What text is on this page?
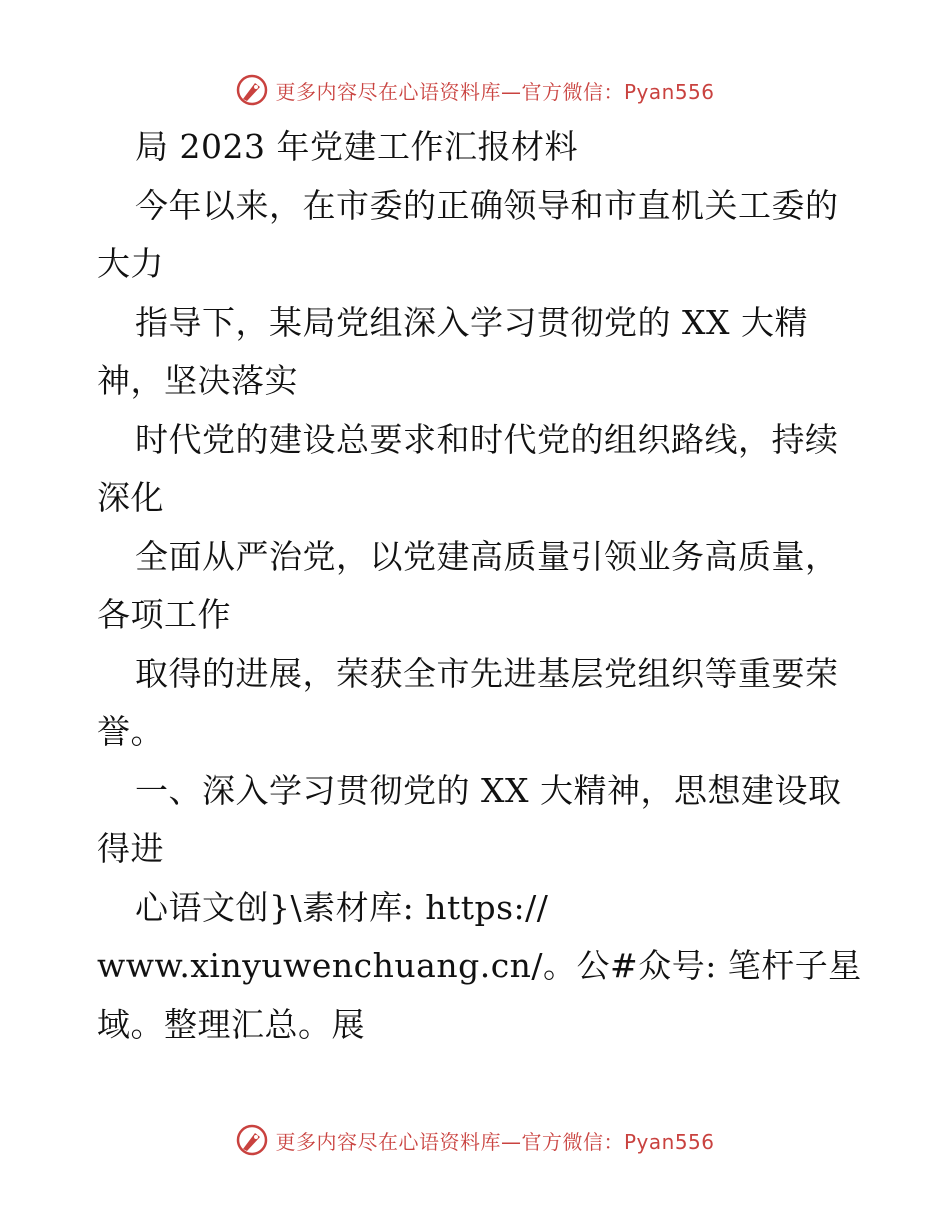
更多内容尽在心语资料库—官方微信：Pyan556
局 2023 年党建工作汇报材料
今年以来，在市委的正确领导和市直机关工委的
大力
指导下，某局党组深入学习贯彻党的 XX 大精
神，坚决落实
时代党的建设总要求和时代党的组织路线，持续
深化
全面从严治党，以党建高质量引领业务高质量，
各项工作
取得的进展，荣获全市先进基层党组织等重要荣
誉。
一、深入学习贯彻党的 XX 大精神，思想建设取
得进
心语文创}\素材库: https://
www.xinyuwenchuang.cn/。公#众号: 笔杆子星
域。整理汇总。展
更多内容尽在心语资料库—官方微信：Pyan556
